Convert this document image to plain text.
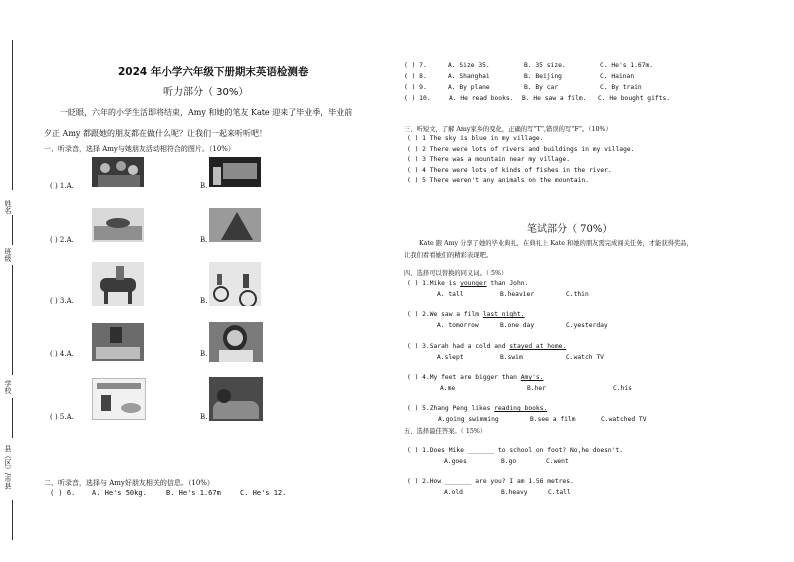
姓名
班级
学校
县（区）/市县
2024 年小学六年级下册期末英语检测卷
听力部分（ 30%）
一眨眼，六年的小学生活即将结束，Amy 和她的笔友 Kate 迎来了毕业季，毕业前
夕正 Amy 都跟她的朋友都在做什么呢？让我们一起来听听吧！
一、听录音，选择 Amy与她朋友活动相符合的图片。（10%）
( ) 1.A.	B.
( ) 2.A.	B.
( ) 3.A.	B.
( ) 4.A.	B.
( ) 5.A.	B.
二、听录音，选择与 Amy好朋友相关的信息。（10%）
( ) 6. A. He's 50kg.	B. He's 1.67m	C. He's 12.
( ) 7.	A. Size 35.	B. 35 size.	C. He's 1.67m.
( ) 8.	A. Shanghai	B. Beijing	C. Hainan
( ) 9.	A. By plane	B. By car	C. By train
( ) 10.	A. He read books. B. He saw a film. C. He bought gifts.
三、听短文，了解 Amy家乡的变化，正确的写“T”,错误的写“F”。（10%）
( ) 1 The sky is blue in my village.
( ) 2 There were lots of rivers and buildings in my village.
( ) 3 There was a mountain near my village.
( ) 4 There were lots of kinds of fishes in the river.
( ) 5 There weren't any animals on the mountain.
笔试部分（ 70%）
Kate 跟 Amy 分享了她的毕业典礼，在典礼上 Kate 和她的朋友需完成闯关任务，才能获得奖品，
让我们看看她们的精彩表现吧。
四、选择可以替换的同义词。（ 5%）
( ) 1.Mike is younger than John.
A. tall	B.heavier	C.thin
( ) 2.We saw a film last night.
A. tomorrow	B.one day	C.yesterday
( ) 3.Sarah had a cold and stayed at home.
A.slept	B.swim	C.watch TV
( ) 4.My feet are bigger than Amy's.
A.me	B.her	C.his
( ) 5.Zhang Peng likes reading books.
A.going swimming	B.see a film	C.watched TV
五、选择最佳答案。（ 15%）
( ) 1.Does Mike _______ to school on foot? No,he doesn't.
A.goes	B.go	C.went
( ) 2.How _______ are you? I am 1.56 metres.
A.old	B.heavy	C.tall
